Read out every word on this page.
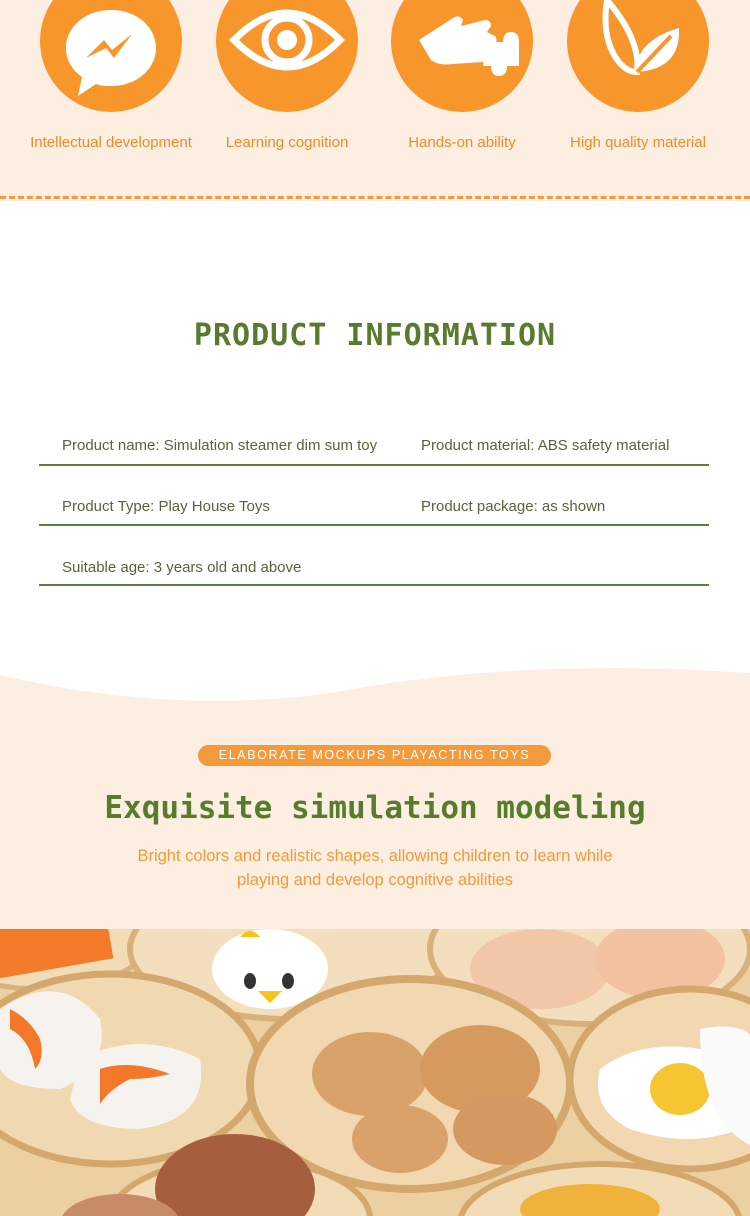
Intellectual development	Learning cognition	Hands-on ability	High quality material
PRODUCT INFORMATION
Product name: Simulation steamer dim sum toy	Product material: ABS safety material
Product Type: Play House Toys	Product package: as shown
Suitable age: 3 years old and above
ELABORATE MOCKUPS PLAYACTING TOYS
Exquisite simulation modeling
Bright colors and realistic shapes, allowing children to learn while
playing and develop cognitive abilities
